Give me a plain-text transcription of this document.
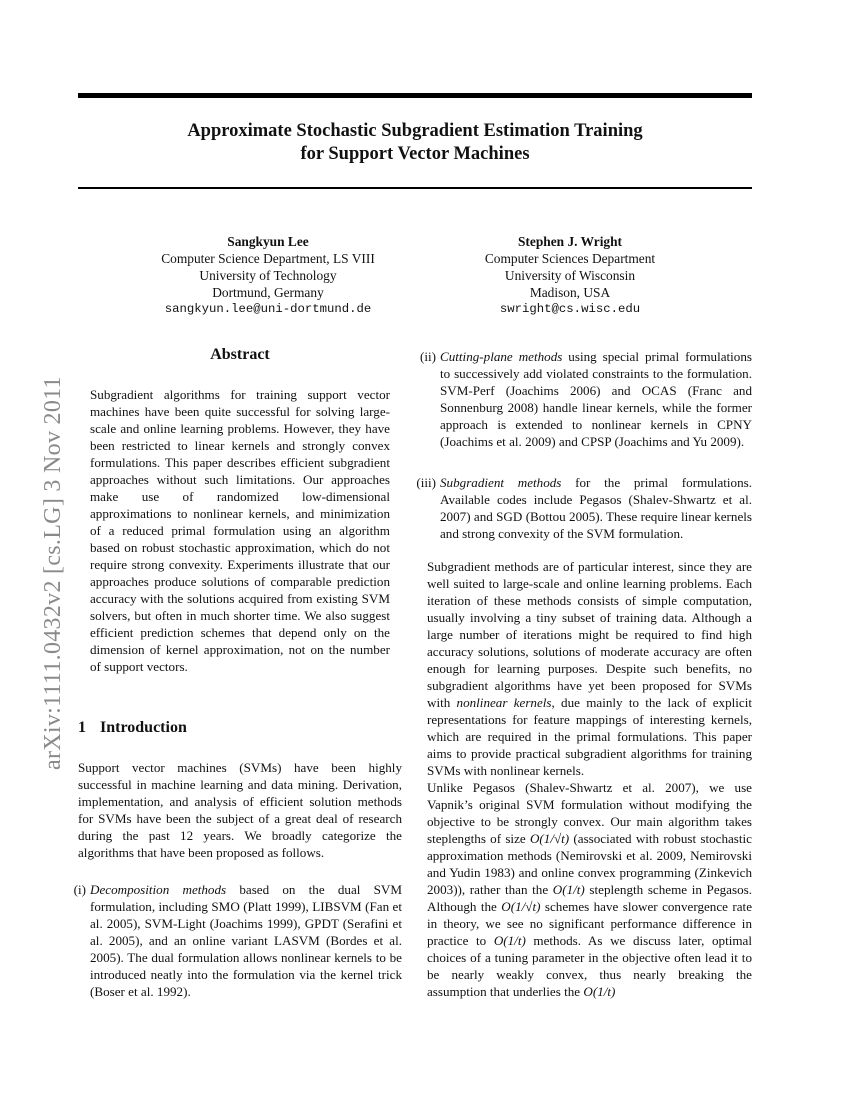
Approximate Stochastic Subgradient Estimation Training
for Support Vector Machines
arXiv:1111.0432v2 [cs.LG] 3 Nov 2011
Sangkyun Lee
Computer Science Department, LS VIII
University of Technology
Dortmund, Germany
sangkyun.lee@uni-dortmund.de
Stephen J. Wright
Computer Sciences Department
University of Wisconsin
Madison, USA
swright@cs.wisc.edu
Abstract

Subgradient algorithms for training support vector machines have been quite successful for solving large-scale and online learning problems. However, they have been restricted to linear kernels and strongly convex formulations. This paper describes efficient subgradient approaches without such limitations. Our approaches make use of randomized low-dimensional approximations to nonlinear kernels, and minimization of a reduced primal formulation using an algorithm based on robust stochastic approximation, which do not require strong convexity. Experiments illustrate that our approaches produce solutions of comparable prediction accuracy with the solutions acquired from existing SVM solvers, but often in much shorter time. We also suggest efficient prediction schemes that depend only on the dimension of kernel approximation, not on the number of support vectors.

1 Introduction

Support vector machines (SVMs) have been highly successful in machine learning and data mining. Derivation, implementation, and analysis of efficient solution methods for SVMs have been the subject of a great deal of research during the past 12 years. We broadly categorize the algorithms that have been proposed as follows.

(i) Decomposition methods based on the dual SVM formulation, including SMO (Platt 1999), LIBSVM (Fan et al. 2005), SVM-Light (Joachims 1999), GPDT (Serafini et al. 2005), and an online variant LASVM (Bordes et al. 2005). The dual formulation allows nonlinear kernels to be introduced neatly into the formulation via the kernel trick (Boser et al. 1992).
(ii) Cutting-plane methods using special primal formulations to successively add violated constraints to the formulation. SVM-Perf (Joachims 2006) and OCAS (Franc and Sonnenburg 2008) handle linear kernels, while the former approach is extended to nonlinear kernels in CPNY (Joachims et al. 2009) and CPSP (Joachims and Yu 2009).
(iii) Subgradient methods for the primal formulations. Available codes include Pegasos (Shalev-Shwartz et al. 2007) and SGD (Bottou 2005). These require linear kernels and strong convexity of the SVM formulation.

Subgradient methods are of particular interest, since they are well suited to large-scale and online learning problems. Each iteration of these methods consists of simple computation, usually involving a tiny subset of training data. Although a large number of iterations might be required to find high accuracy solutions, solutions of moderate accuracy are often enough for learning purposes. Despite such benefits, no subgradient algorithms have yet been proposed for SVMs with nonlinear kernels, due mainly to the lack of explicit representations for feature mappings of interesting kernels, which are required in the primal formulations. This paper aims to provide practical subgradient algorithms for training SVMs with nonlinear kernels.

Unlike Pegasos (Shalev-Shwartz et al. 2007), we use Vapnik’s original SVM formulation without modifying the objective to be strongly convex. Our main algorithm takes steplengths of size O(1/√t) (associated with robust stochastic approximation methods (Nemirovski et al. 2009, Nemirovski and Yudin 1983) and online convex programming (Zinkevich 2003)), rather than the O(1/t) steplength scheme in Pegasos. Although the O(1/√t) schemes have slower convergence rate in theory, we see no significant performance difference in practice to O(1/t) methods. As we discuss later, optimal choices of a tuning parameter in the objective often lead it to be nearly weakly convex, thus nearly breaking the assumption that underlies the O(1/t)
